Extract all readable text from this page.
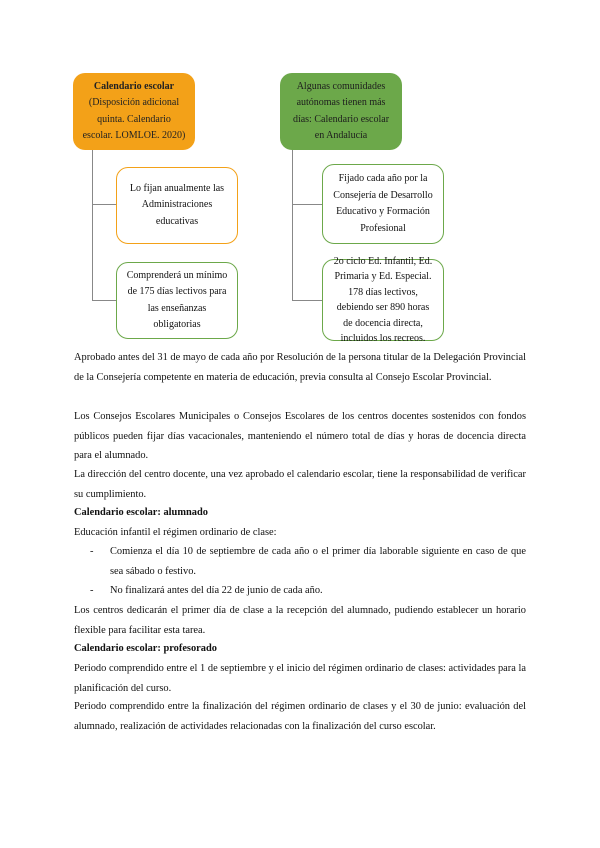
Calendario escolar
(Disposición adicional quinta. Calendario escolar. LOMLOE. 2020)
Lo fijan anualmente las Administraciones educativas
Comprenderá un mínimo de 175 días lectivos para las enseñanzas obligatorias
Algunas comunidades autónomas tienen más días: Calendario escolar en Andalucía
Fijado cada año por la Consejería de Desarrollo Educativo y Formación Profesional
2o ciclo Ed. Infantil, Ed. Primaria y Ed. Especial. 178 días lectivos, debiendo ser 890 horas de docencia directa, incluidos los recreos.

Aprobado antes del 31 de mayo de cada año por Resolución de la persona titular de la Delegación Provincial de la Consejería competente en materia de educación, previa consulta al Consejo Escolar Provincial.

Los Consejos Escolares Municipales o Consejos Escolares de los centros docentes sostenidos con fondos públicos pueden fijar días vacacionales, manteniendo el número total de días y horas de docencia directa para el alumnado.

La dirección del centro docente, una vez aprobado el calendario escolar, tiene la responsabilidad de verificar su cumplimiento.

Calendario escolar: alumnado

Educación infantil el régimen ordinario de clase:

-	Comienza el día 10 de septiembre de cada año o el primer día laborable siguiente en caso de que sea sábado o festivo.
-	No finalizará antes del día 22 de junio de cada año.

Los centros dedicarán el primer día de clase a la recepción del alumnado, pudiendo establecer un horario flexible para facilitar esta tarea.

Calendario escolar: profesorado

Periodo comprendido entre el 1 de septiembre y el inicio del régimen ordinario de clases: actividades para la planificación del curso.

Periodo comprendido entre la finalización del régimen ordinario de clases y el 30 de junio: evaluación del alumnado, realización de actividades relacionadas con la finalización del curso escolar.
